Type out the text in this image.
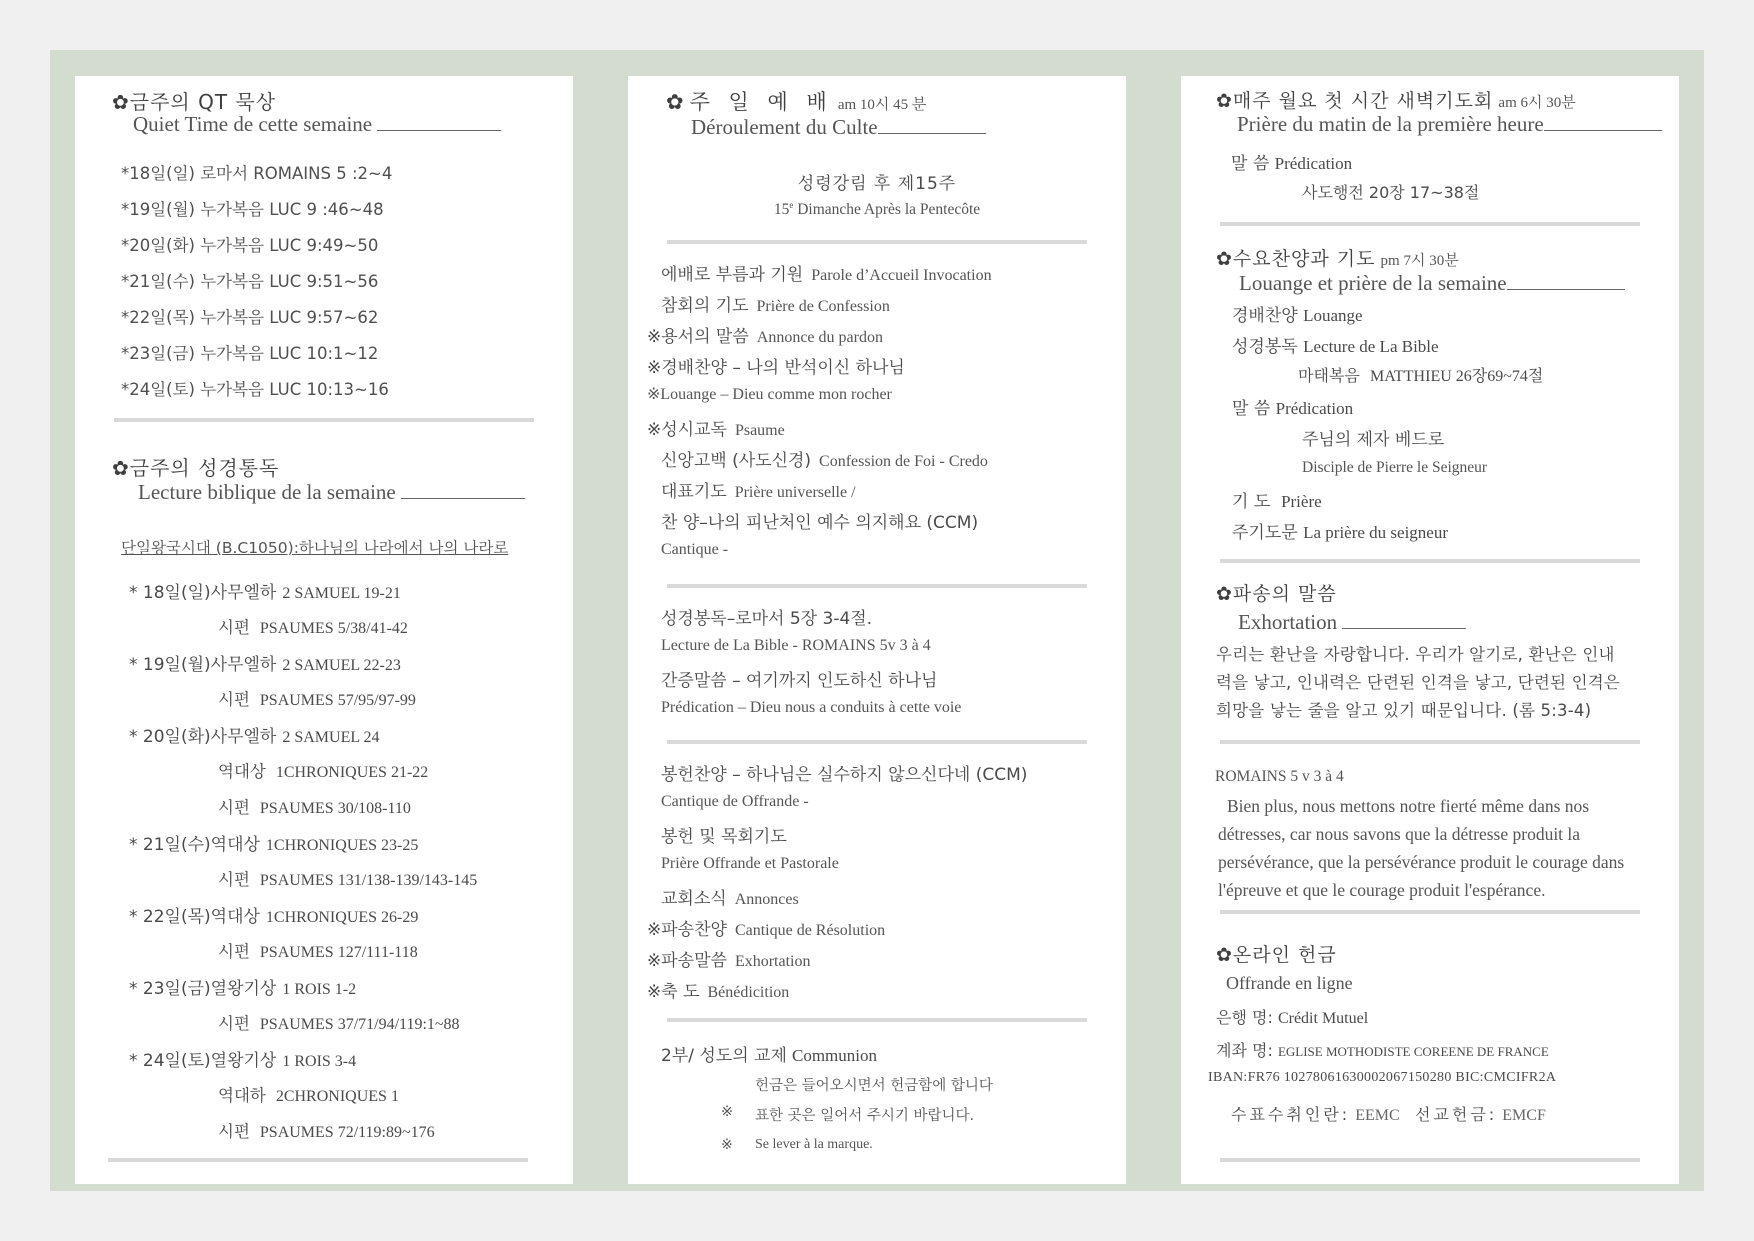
✿금주의 QT 묵상
Quiet Time de cette semaine
*18일(일) 로마서 ROMAINS 5 :2~4
*19일(월) 누가복음 LUC 9 :46~48
*20일(화) 누가복음 LUC 9:49~50
*21일(수) 누가복음 LUC 9:51~56
*22일(목) 누가복음 LUC 9:57~62
*23일(금) 누가복음 LUC 10:1~12
*24일(토) 누가복음 LUC 10:13~16
✿금주의 성경통독
Lecture biblique de la semaine
단일왕국시대 (B.C1050):하나님의 나라에서 나의 나라로
* 18일(일)사무엘하 2 SAMUEL 19-21
시편 PSAUMES 5/38/41-42
* 19일(월)사무엘하 2 SAMUEL 22-23
시편 PSAUMES 57/95/97-99
* 20일(화)사무엘하 2 SAMUEL 24
역대상 1CHRONIQUES 21-22
시편 PSAUMES 30/108-110
* 21일(수)역대상 1CHRONIQUES 23-25
시편 PSAUMES 131/138-139/143-145
* 22일(목)역대상 1CHRONIQUES 26-29
시편 PSAUMES 127/111-118
* 23일(금)열왕기상 1 ROIS 1-2
시편 PSAUMES 37/71/94/119:1~88
* 24일(토)열왕기상 1 ROIS 3-4
역대하 2CHRONIQUES 1
시편 PSAUMES 72/119:89~176
✿주 일 예 배 am 10시 45 분
Déroulement du Culte
성령강림 후 제15주
15e Dimanche Après la Pentecôte
에배로 부름과 기원 Parole d’Accueil Invocation
참회의 기도 Prière de Confession
※용서의 말씀 Annonce du pardon
※경배찬양 – 나의 반석이신 하나님
※Louange – Dieu comme mon rocher
※성시교독 Psaume
신앙고백 (사도신경) Confession de Foi - Credo
대표기도 Prière universelle /
찬 양–나의 피난처인 예수 의지해요 (CCM)
Cantique -
성경봉독–로마서 5장 3-4절.
Lecture de La Bible - ROMAINS 5v 3 à 4
간증말씀 – 여기까지 인도하신 하나님
Prédication – Dieu nous a conduits à cette voie
봉헌찬양 – 하나님은 실수하지 않으신다네 (CCM)
Cantique de Offrande -
봉헌 및 목회기도
Prière Offrande et Pastorale
교회소식 Annonces
※파송찬양 Cantique de Résolution
※파송말씀 Exhortation
※축 도 Bénédicition
2부/ 성도의 교제 Communion
헌금은 들어오시면서 헌금함에 합니다
※ 표한 곳은 일어서 주시기 바랍니다.
※ Se lever à la marque.
✿매주 월요 첫 시간 새벽기도회 am 6시 30분
Prière du matin de la première heure
말 씀 Prédication
사도행전 20장 17~38절
✿수요찬양과 기도 pm 7시 30분
Louange et prière de la semaine
경배찬양 Louange
성경봉독 Lecture de La Bible
마태복음 MATTHIEU 26장69~74절
말 씀 Prédication
주님의 제자 베드로
Disciple de Pierre le Seigneur
기 도 Prière
주기도문 La prière du seigneur
✿파송의 말씀
Exhortation
우리는 환난을 자랑합니다. 우리가 알기로, 환난은 인내
력을 낳고, 인내력은 단련된 인격을 낳고, 단련된 인격은
희망을 낳는 줄을 알고 있기 때문입니다. (롬 5:3-4)
ROMAINS 5 v 3 à 4
Bien plus, nous mettons notre fierté même dans nos
détresses, car nous savons que la détresse produit la
persévérance, que la persévérance produit le courage dans
l'épreuve et que le courage produit l'espérance.
✿온라인 헌금
Offrande en ligne
은행 명: Crédit Mutuel
계좌 명: EGLISE MOTHODISTE COREENE DE FRANCE
IBAN:FR76 10278061630002067150280 BIC:CMCIFR2A
수표수취인란: EEMC 선교헌금: EMCF
